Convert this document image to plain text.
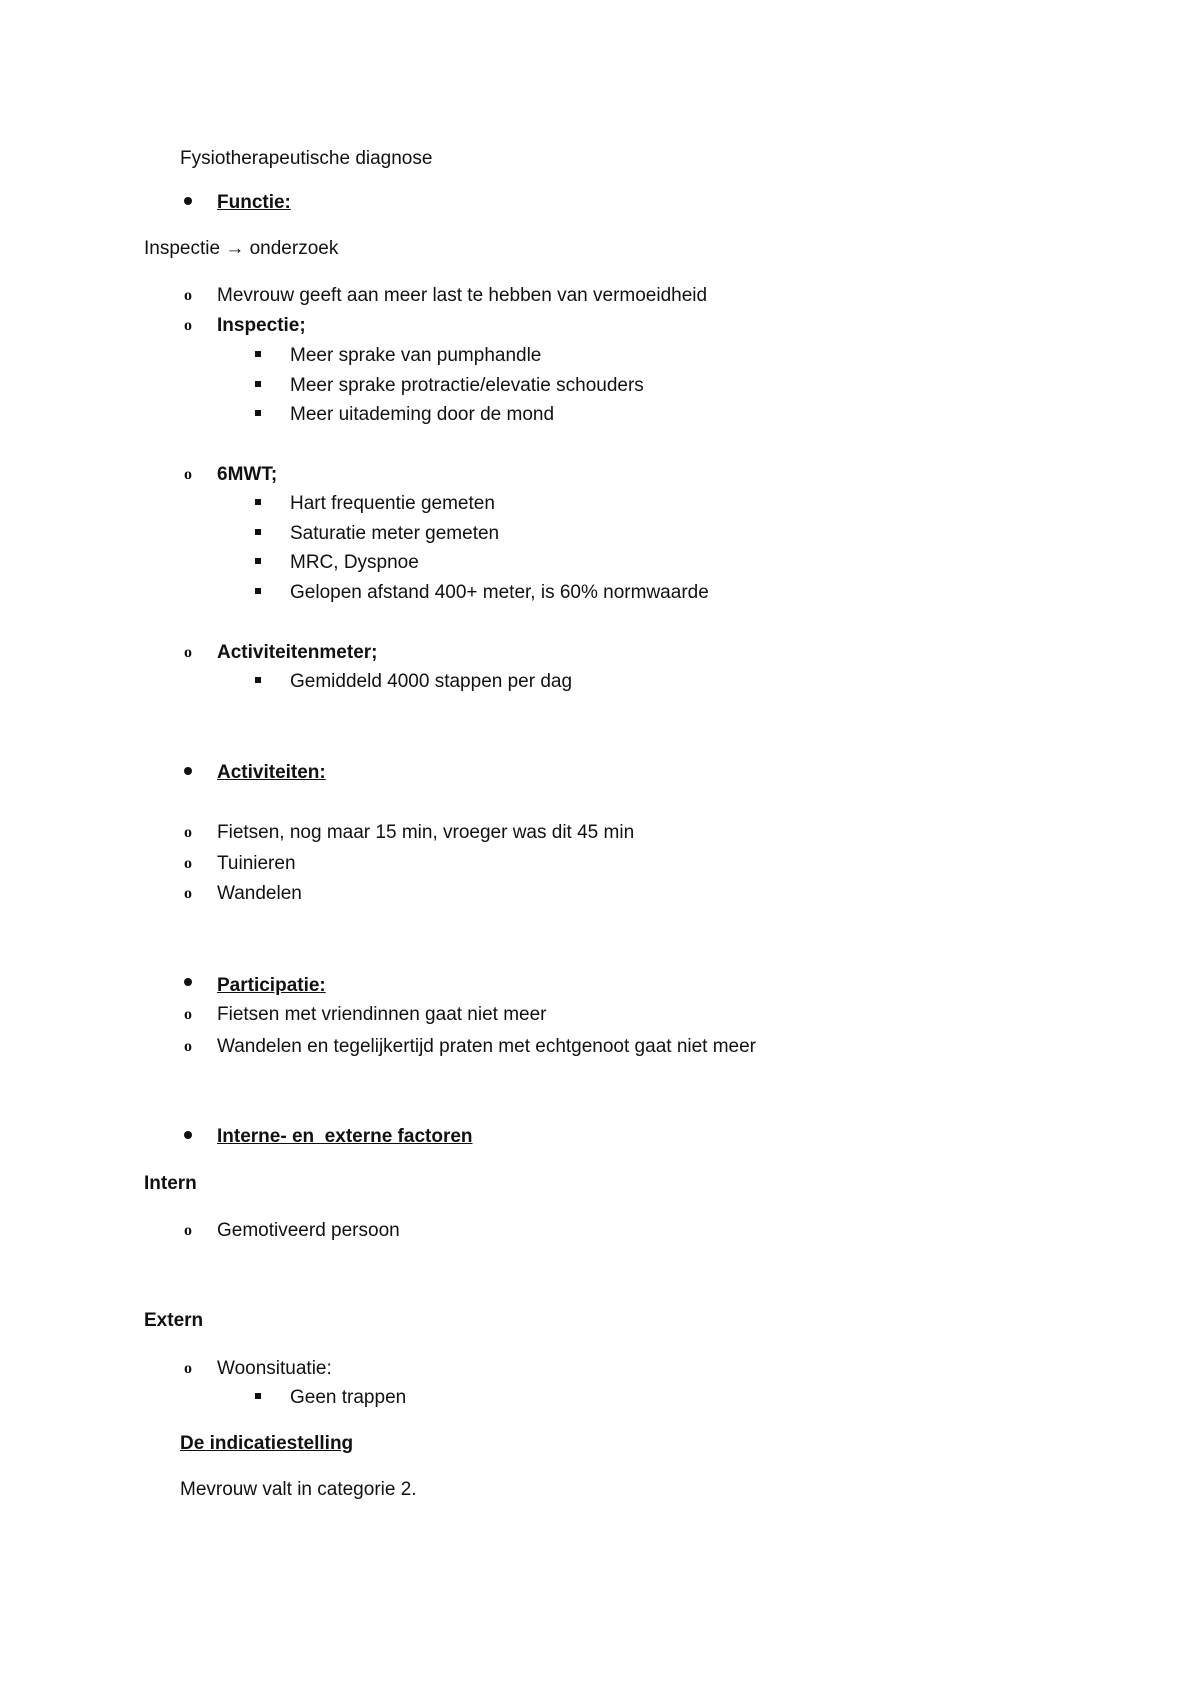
Fysiotherapeutische diagnose
Functie:
Inspectie → onderzoek
o Mevrouw geeft aan meer last te hebben van vermoeidheid
o Inspectie;
Meer sprake van pumphandle
Meer sprake protractie/elevatie schouders
Meer uitademing door de mond
o 6MWT;
Hart frequentie gemeten
Saturatie meter gemeten
MRC, Dyspnoe
Gelopen afstand 400+ meter, is 60% normwaarde
o Activiteitenmeter;
Gemiddeld 4000 stappen per dag
Activiteiten:
o Fietsen, nog maar 15 min, vroeger was dit 45 min
o Tuinieren
o Wandelen
Participatie:
o Fietsen met vriendinnen gaat niet meer
o Wandelen en tegelijkertijd praten met echtgenoot gaat niet meer
Interne- en  externe factoren
Intern
o Gemotiveerd persoon
Extern
o Woonsituatie:
Geen trappen
De indicatiestelling
Mevrouw valt in categorie 2.
